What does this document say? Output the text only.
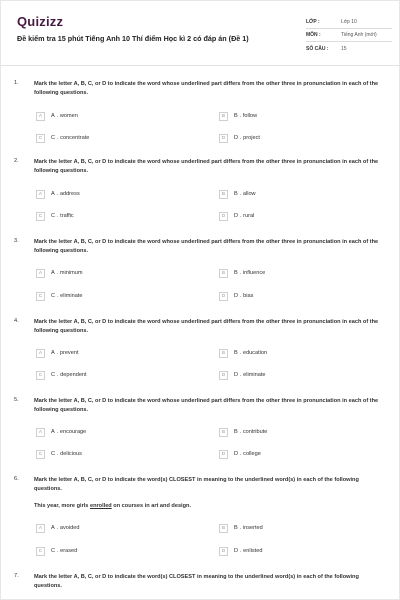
Quizizz
Đề kiểm tra 15 phút Tiếng Anh 10 Thí điểm Học kì 2 có đáp án (Đề 1)
LỚP :	Lớp 10
MÔN :	Tiếng Anh (mới)
SỐ CÂU :	15
1.	Mark the letter A, B, C, or D to indicate the word whose underlined part differs from the other three in pronunciation in each of the following questions.
A	A . women	B	B . follow
C	C . concentrate	D	D . project
2.	Mark the letter A, B, C, or D to indicate the word whose underlined part differs from the other three in pronunciation in each of the following questions.
A	A . address	B	B . allow
C	C . traffic	D	D . rural
3.	Mark the letter A, B, C, or D to indicate the word whose underlined part differs from the other three in pronunciation in each of the following questions.
A	A . minimum	B	B . influence
C	C . eliminate	D	D . bias
4.	Mark the letter A, B, C, or D to indicate the word whose underlined part differs from the other three in pronunciation in each of the following questions.
A	A . prevent	B	B . education
C	C . dependent	D	D . eliminate
5.	Mark the letter A, B, C, or D to indicate the word whose underlined part differs from the other three in pronunciation in each of the following questions.
A	A . encourage	B	B . contribute
C	C . delicious	D	D . college
6.	Mark the letter A, B, C, or D to indicate the word(s) CLOSEST in meaning to the underlined word(s) in each of the following questions.
This year, more girls enrolled on courses in art and design.
A	A . avoided	B	B . inserted
C	C . erased	D	D . enlisted
7.	Mark the letter A, B, C, or D to indicate the word(s) CLOSEST in meaning to the underlined word(s) in each of the following questions.
